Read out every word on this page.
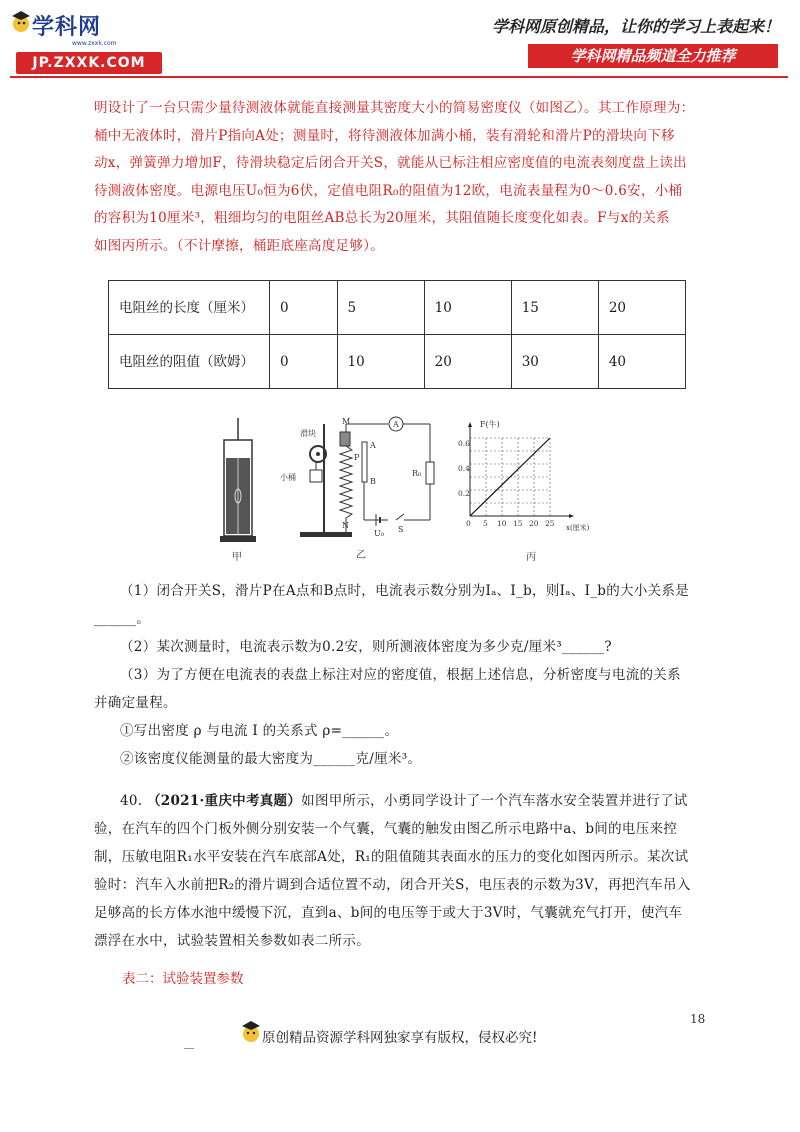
学科网
www.zxxk.com
JP.ZXXK.COM
学科网原创精品，让你的学习上表起来！
学科网精品频道全力推荐

明设计了一台只需少量待测液体就能直接测量其密度大小的简易密度仪（如图乙）。其工作原理为：

桶中无液体时，滑片P指向A处；测量时，将待测液体加满小桶，装有滑轮和滑片P的滑块向下移

动x，弹簧弹力增加F，待滑块稳定后闭合开关S，就能从已标注相应密度值的电流表刻度盘上读出

待测液体密度。电源电压U₀恒为6伏，定值电阻R₀的阻值为12欧，电流表量程为0～0.6安，小桶

的容积为10厘米³，粗细均匀的电阻丝AB总长为20厘米，其阻值随长度变化如表。F与x的关系

如图丙所示。（不计摩擦，桶距底座高度足够）。

电阻丝的长度（厘米）	0	5	10	15	20
电阻丝的阻值（欧姆）	0	10	20	30	40
甲
滑块
M
A
P
B
小桶
N
R₀
U₀ S
A
乙
F(牛)
x(厘米)
0.6
0.4
0.2
0 5 10 15 20 25
丙

（1）闭合开关S，滑片P在A点和B点时，电流表示数分别为Iₐ、I_b，则Iₐ、I_b的大小关系是

______。

（2）某次测量时，电流表示数为0.2安，则所测液体密度为多少克/厘米³______?

（3）为了方便在电流表的表盘上标注对应的密度值，根据上述信息，分析密度与电流的关系

并确定量程。

①写出密度 ρ 与电流 I 的关系式 ρ=______。

②该密度仪能测量的最大密度为______克/厘米³。

40. （2021·重庆中考真题）如图甲所示，小勇同学设计了一个汽车落水安全装置并进行了试

验，在汽车的四个门板外侧分别安装一个气囊，气囊的触发由图乙所示电路中a、b间的电压来控

制，压敏电阻R₁水平安装在汽车底部A处，R₁的阻值随其表面水的压力的变化如图丙所示。某次试

验时：汽车入水前把R₂的滑片调到合适位置不动，闭合开关S，电压表的示数为3V，再把汽车吊入

足够高的长方体水池中缓慢下沉，直到a、b间的电压等于或大于3V时，气囊就充气打开，使汽车

漂浮在水中，试验装置相关参数如表二所示。

表二：试验装置参数
18
原创精品资源学科网独家享有版权，侵权必究!
